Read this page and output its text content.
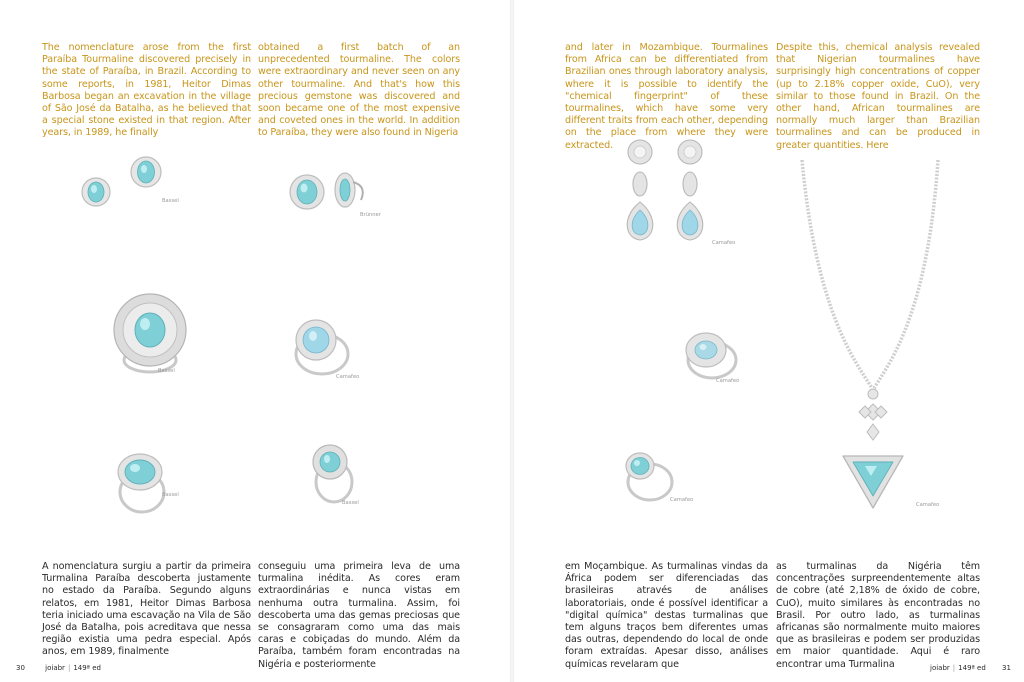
The nomenclature arose from the first Paraíba Tourmaline discovered precisely in the state of Paraíba, in Brazil. According to some reports, in 1981, Heitor Dimas Barbosa began an excavation in the village of São José da Batalha, as he believed that a special stone existed in that region. After years, in 1989, he finally

obtained a first batch of an unprecedented tourmaline. The colors were extraordinary and never seen on any other tourmaline. And that's how this precious gemstone was discovered and soon became one of the most expensive and coveted ones in the world. In addition to Paraíba, they were also found in Nigeria

Bassel
Brünner
Bassel
Camafeo
Bassel
Bassel

A nomenclatura surgiu a partir da primeira Turmalina Paraíba descoberta justamente no estado da Paraíba. Segundo alguns relatos, em 1981, Heitor Dimas Barbosa teria iniciado uma escavação na Vila de São José da Batalha, pois acreditava que nessa região existia uma pedra especial. Após anos, em 1989, finalmente

conseguiu uma primeira leva de uma turmalina inédita. As cores eram extraordinárias e nunca vistas em nenhuma outra turmalina. Assim, foi descoberta uma das gemas preciosas que se consagraram como uma das mais caras e cobiçadas do mundo. Além da Paraíba, também foram encontradas na Nigéria e posteriormente

30	joiabr | 149ª ed

and later in Mozambique. Tourmalines from Africa can be differentiated from Brazilian ones through laboratory analysis, where it is possible to identify the "chemical fingerprint" of these tourmalines, which have some very different traits from each other, depending on the place from where they were extracted.

Despite this, chemical analysis revealed that Nigerian tourmalines have surprisingly high concentrations of copper (up to 2.18% copper oxide, CuO), very similar to those found in Brazil. On the other hand, African tourmalines are normally much larger than Brazilian tourmalines and can be produced in greater quantities. Here

Camafeo
Camafeo
Camafeo
Camafeo

em Moçambique. As turmalinas vindas da África podem ser diferenciadas das brasileiras através de análises laboratoriais, onde é possível identificar a "digital química" destas turmalinas que tem alguns traços bem diferentes umas das outras, dependendo do local de onde foram extraídas. Apesar disso, análises químicas revelaram que

as turmalinas da Nigéria têm concentrações surpreendentemente altas de cobre (até 2,18% de óxido de cobre, CuO), muito similares às encontradas no Brasil. Por outro lado, as turmalinas africanas são normalmente muito maiores que as brasileiras e podem ser produzidas em maior quantidade. Aqui é raro encontrar uma Turmalina	joiabr | 149ª ed 31
